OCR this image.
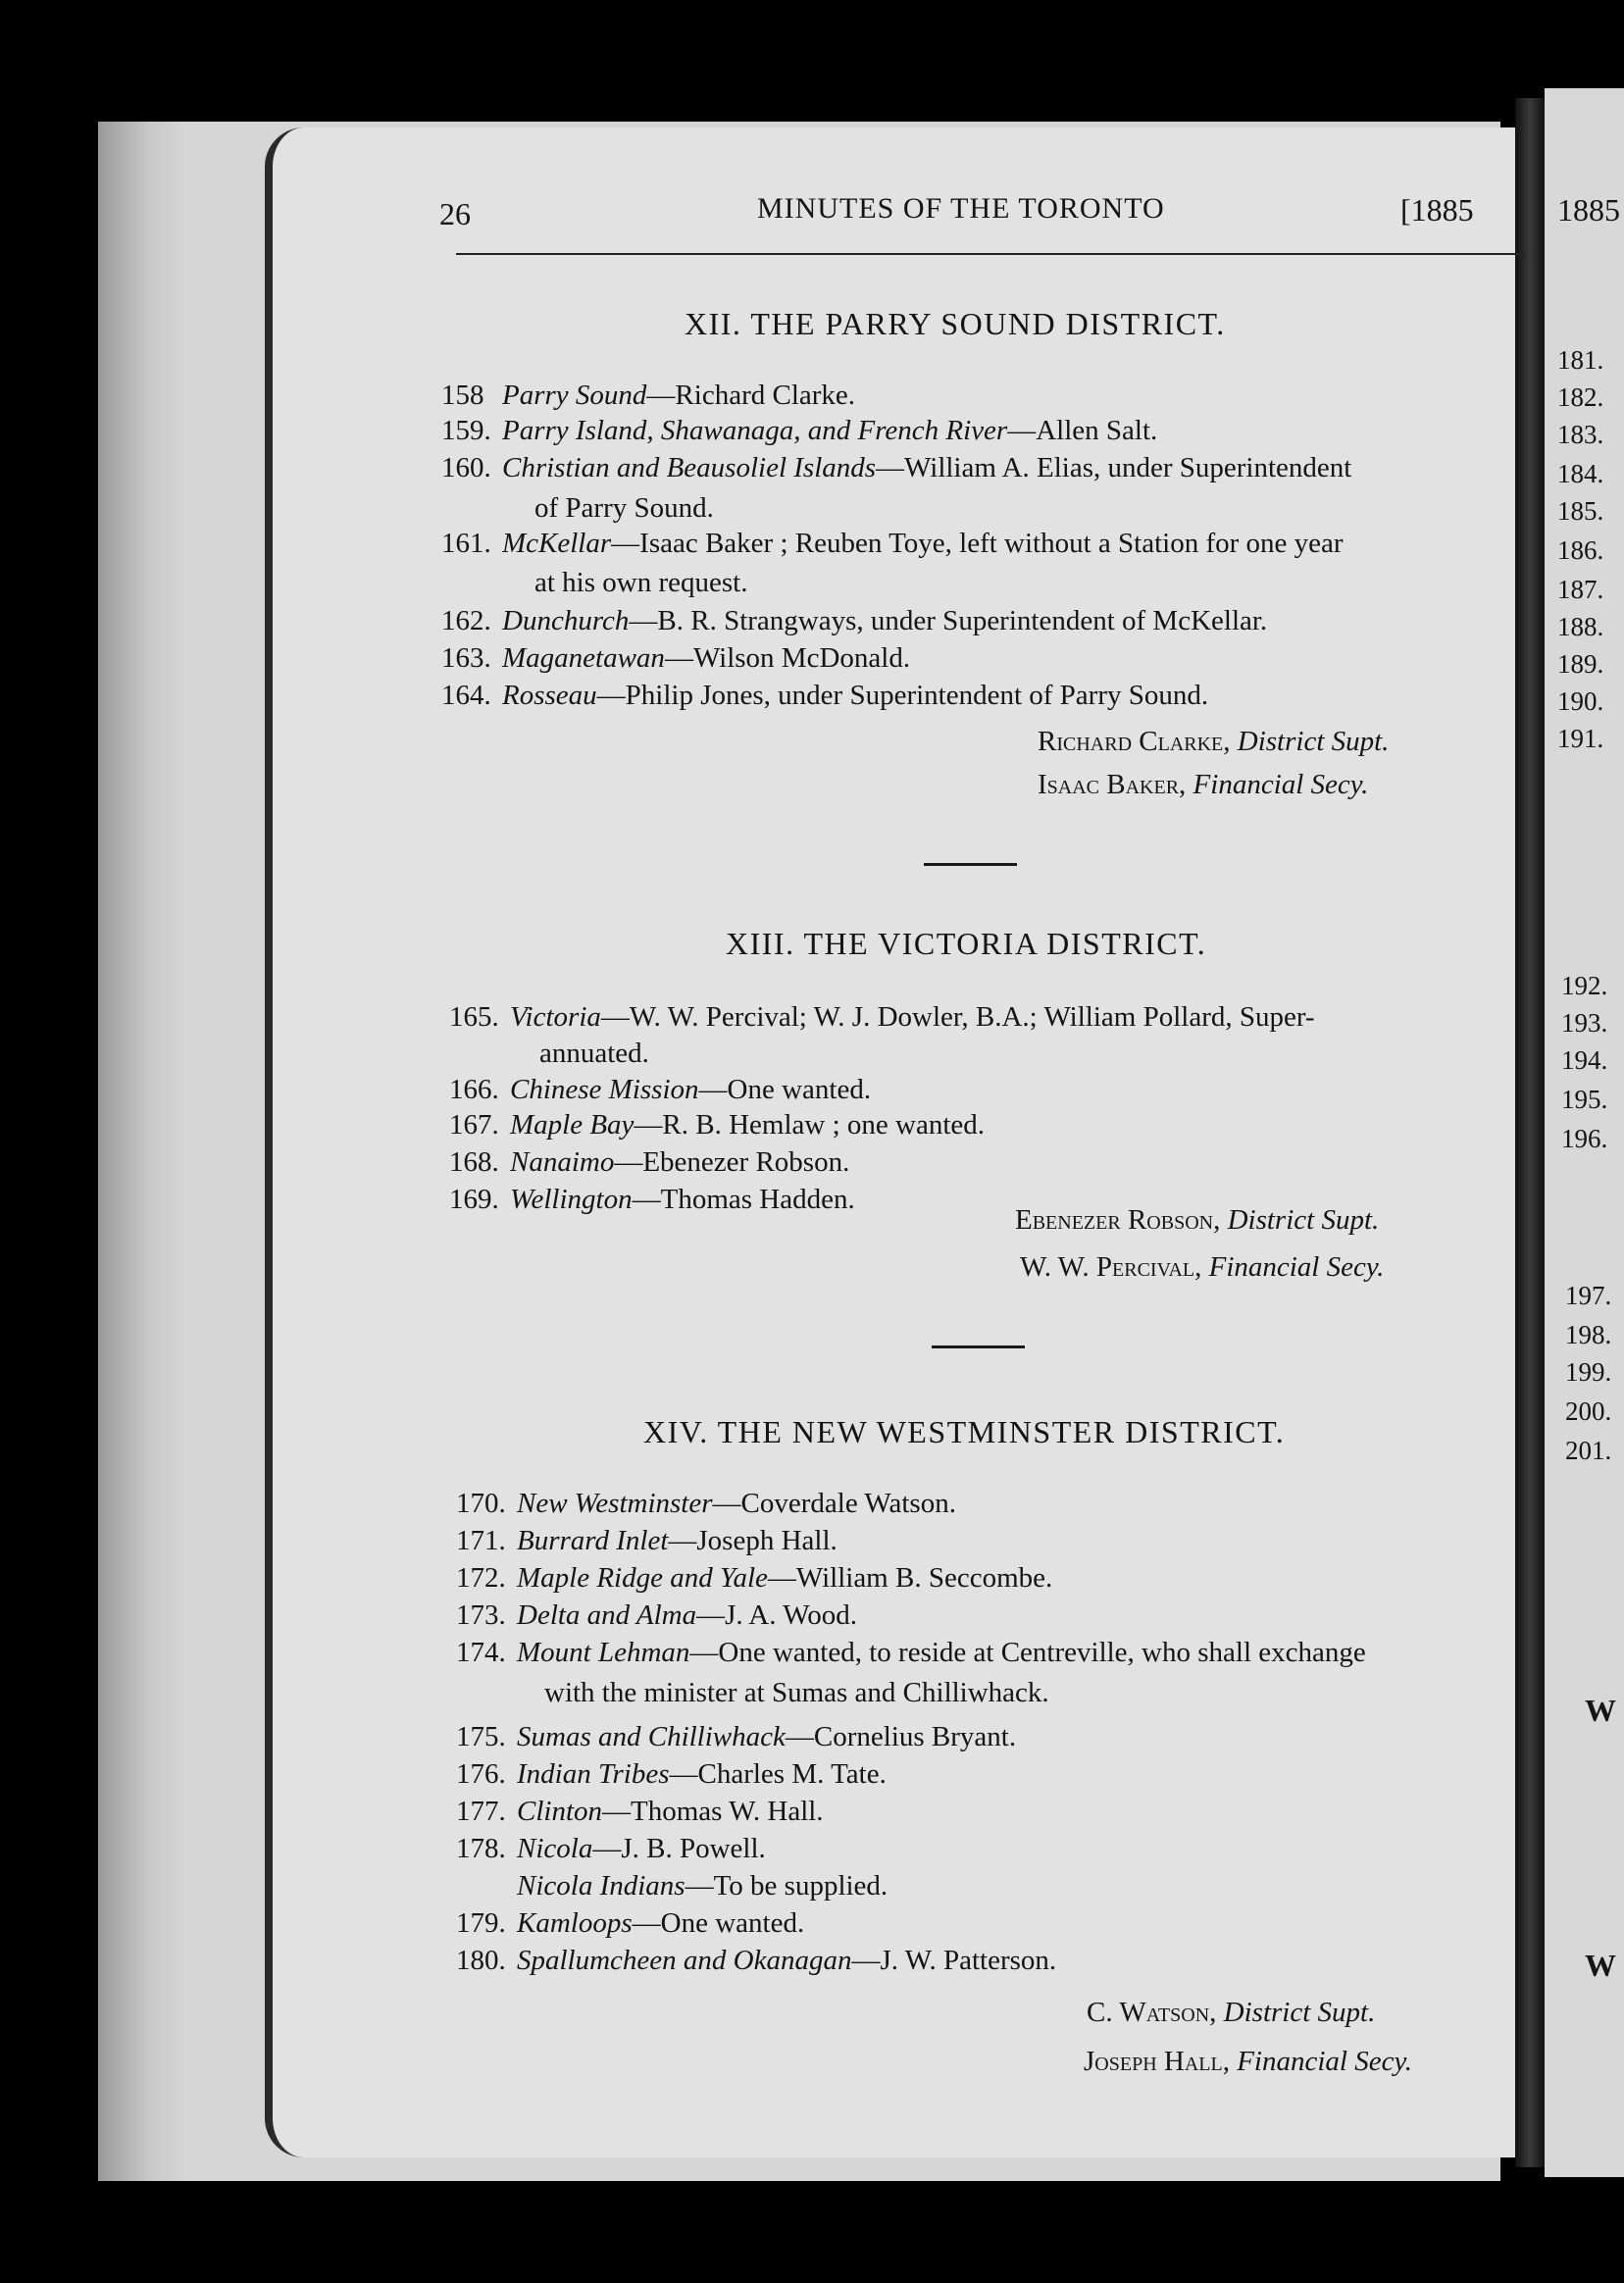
26	MINUTES OF THE TORONTO	[1885	1885
XII. THE PARRY SOUND DISTRICT.
158 Parry Sound—Richard Clarke.
159. Parry Island, Shawanaga, and French River—Allen Salt.
160. Christian and Beausoliel Islands—William A. Elias, under Superintendent
of Parry Sound.
161. McKellar—Isaac Baker ; Reuben Toye, left without a Station for one year
at his own request.
162. Dunchurch—B. R. Strangways, under Superintendent of McKellar.
163. Maganetawan—Wilson McDonald.
164. Rosseau—Philip Jones, under Superintendent of Parry Sound.
Richard Clarke, District Supt.
Isaac Baker, Financial Secy.
XIII. THE VICTORIA DISTRICT.
165. Victoria—W. W. Percival; W. J. Dowler, B.A.; William Pollard, Super-
annuated.
166. Chinese Mission—One wanted.
167. Maple Bay—R. B. Hemlaw ; one wanted.
168. Nanaimo—Ebenezer Robson.
169. Wellington—Thomas Hadden.
Ebenezer Robson, District Supt.
W. W. Percival, Financial Secy.
XIV. THE NEW WESTMINSTER DISTRICT.
170. New Westminster—Coverdale Watson.
171. Burrard Inlet—Joseph Hall.
172. Maple Ridge and Yale—William B. Seccombe.
173. Delta and Alma—J. A. Wood.
174. Mount Lehman—One wanted, to reside at Centreville, who shall exchange
with the minister at Sumas and Chilliwhack.
175. Sumas and Chilliwhack—Cornelius Bryant.
176. Indian Tribes—Charles M. Tate.
177. Clinton—Thomas W. Hall.
178. Nicola—J. B. Powell.
Nicola Indians—To be supplied.
179. Kamloops—One wanted.
180. Spallumcheen and Okanagan—J. W. Patterson.
C. Watson, District Supt.
Joseph Hall, Financial Secy.
181.
182.
183.
184.
185.
186.
187.
188.
189.
190.
191.
192.
193.
194.
195.
196.
197.
198.
199.
200.
201.
W
W
